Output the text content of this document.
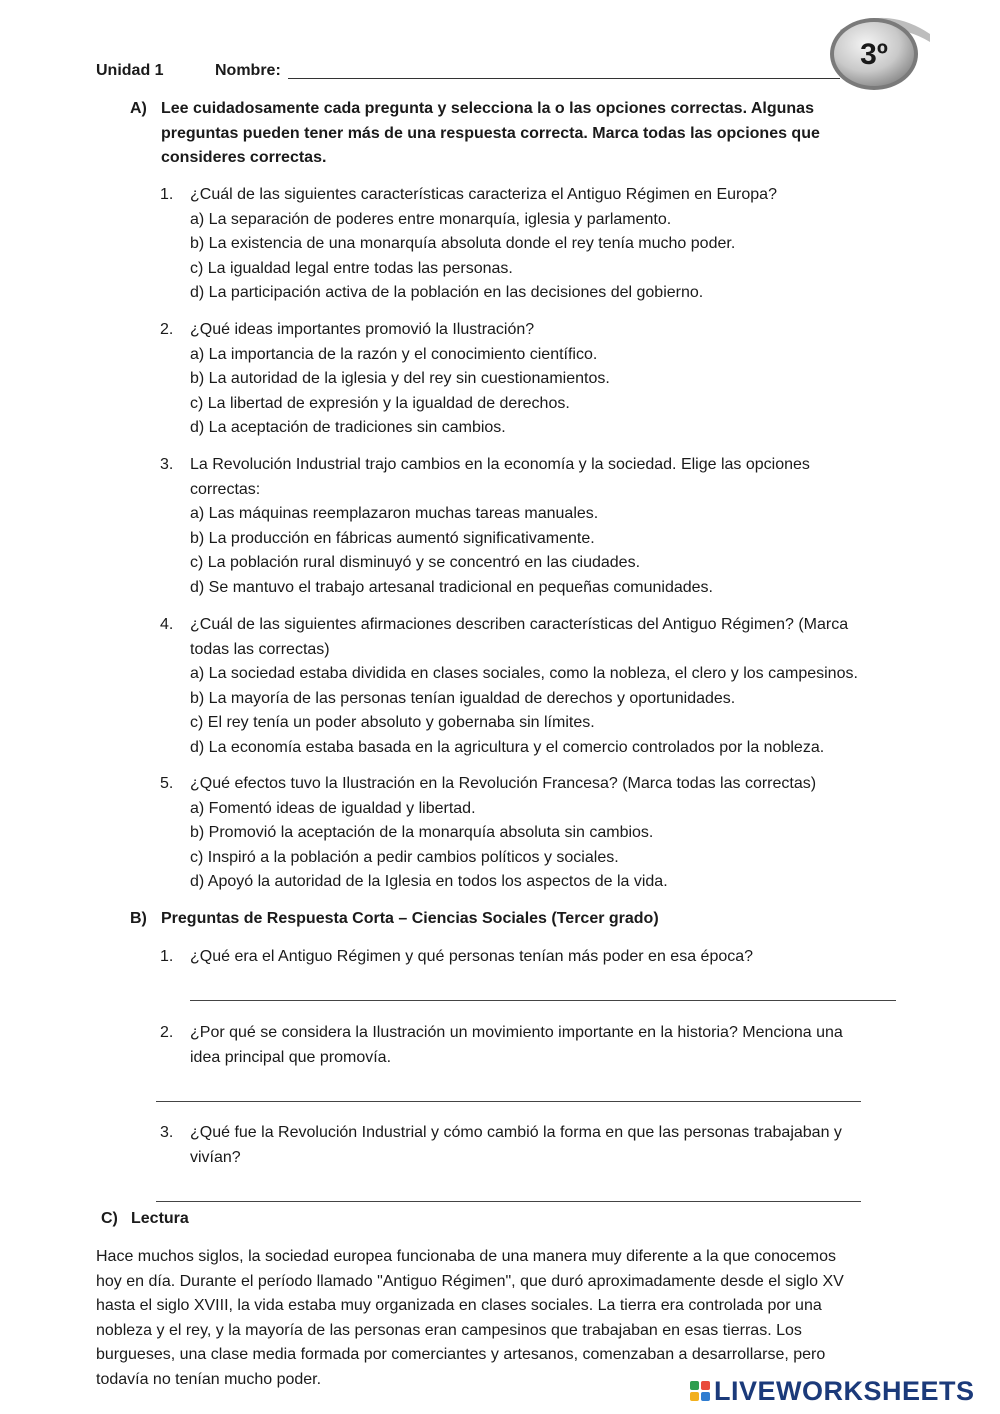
Unidad 1	Nombre:	3º
A) Lee cuidadosamente cada pregunta y selecciona la o las opciones correctas. Algunas
preguntas pueden tener más de una respuesta correcta. Marca todas las opciones que
consideres correctas.
1. ¿Cuál de las siguientes características caracteriza el Antiguo Régimen en Europa?
a) La separación de poderes entre monarquía, iglesia y parlamento.
b) La existencia de una monarquía absoluta donde el rey tenía mucho poder.
c) La igualdad legal entre todas las personas.
d) La participación activa de la población en las decisiones del gobierno.
2. ¿Qué ideas importantes promovió la Ilustración?
a) La importancia de la razón y el conocimiento científico.
b) La autoridad de la iglesia y del rey sin cuestionamientos.
c) La libertad de expresión y la igualdad de derechos.
d) La aceptación de tradiciones sin cambios.
3. La Revolución Industrial trajo cambios en la economía y la sociedad. Elige las opciones
correctas:
a) Las máquinas reemplazaron muchas tareas manuales.
b) La producción en fábricas aumentó significativamente.
c) La población rural disminuyó y se concentró en las ciudades.
d) Se mantuvo el trabajo artesanal tradicional en pequeñas comunidades.
4. ¿Cuál de las siguientes afirmaciones describen características del Antiguo Régimen? (Marca
todas las correctas)
a) La sociedad estaba dividida en clases sociales, como la nobleza, el clero y los campesinos.
b) La mayoría de las personas tenían igualdad de derechos y oportunidades.
c) El rey tenía un poder absoluto y gobernaba sin límites.
d) La economía estaba basada en la agricultura y el comercio controlados por la nobleza.
5. ¿Qué efectos tuvo la Ilustración en la Revolución Francesa? (Marca todas las correctas)
a) Fomentó ideas de igualdad y libertad.
b) Promovió la aceptación de la monarquía absoluta sin cambios.
c) Inspiró a la población a pedir cambios políticos y sociales.
d) Apoyó la autoridad de la Iglesia en todos los aspectos de la vida.
B) Preguntas de Respuesta Corta – Ciencias Sociales (Tercer grado)
1. ¿Qué era el Antiguo Régimen y qué personas tenían más poder en esa época?
2. ¿Por qué se considera la Ilustración un movimiento importante en la historia? Menciona una
idea principal que promovía.
3. ¿Qué fue la Revolución Industrial y cómo cambió la forma en que las personas trabajaban y
vivían?
C) Lectura
Hace muchos siglos, la sociedad europea funcionaba de una manera muy diferente a la que conocemos
hoy en día. Durante el período llamado "Antiguo Régimen", que duró aproximadamente desde el siglo XV
hasta el siglo XVIII, la vida estaba muy organizada en clases sociales. La tierra era controlada por una
nobleza y el rey, y la mayoría de las personas eran campesinos que trabajaban en esas tierras. Los
burgueses, una clase media formada por comerciantes y artesanos, comenzaban a desarrollarse, pero
todavía no tenían mucho poder.	LIVEWORKSHEETS
